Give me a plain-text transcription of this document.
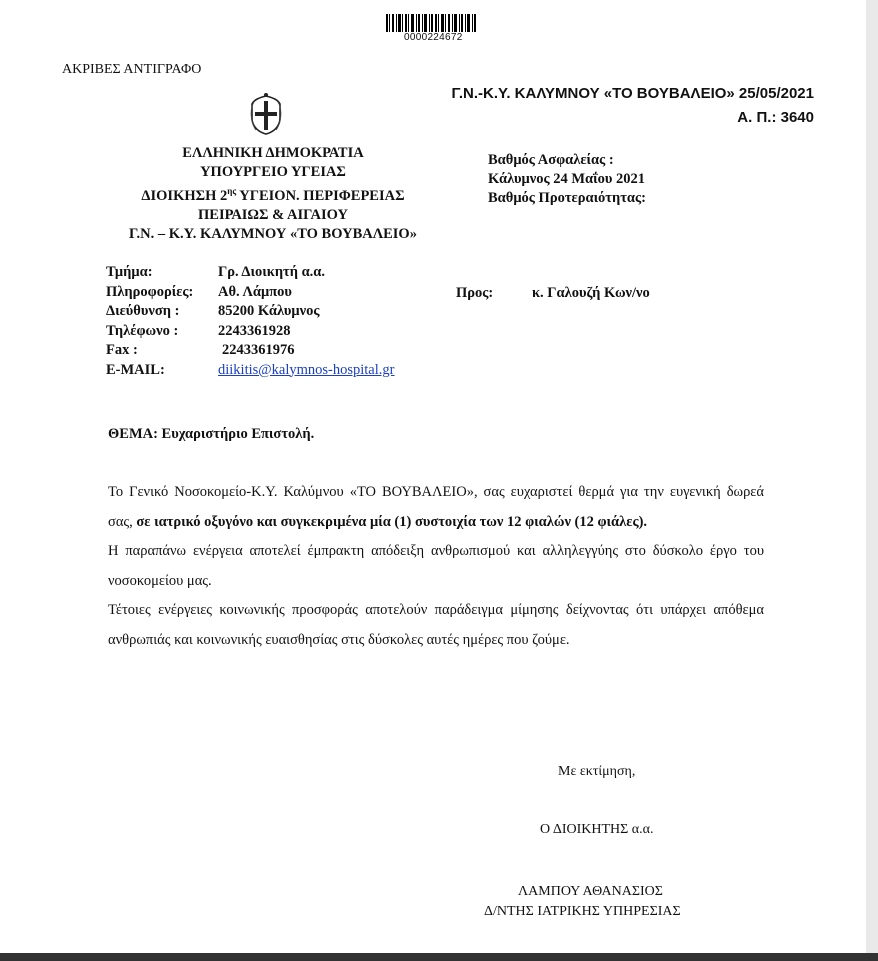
0000224672
ΑΚΡΙΒΕΣ ΑΝΤΙΓΡΑΦΟ
Γ.Ν.-Κ.Υ. ΚΑΛΥΜΝΟΥ «ΤΟ ΒΟΥΒΑΛΕΙΟ» 25/05/2021
Α. Π.: 3640
ΕΛΛΗΝΙΚΗ ΔΗΜΟΚΡΑΤΙΑ
ΥΠΟΥΡΓΕΙΟ ΥΓΕΙΑΣ
ΔΙΟΙΚΗΣΗ $2^{\eta\varsigma}$ ΥΓΕΙΟΝ. ΠΕΡΙΦΕΡΕΙΑΣ
ΠΕΙΡΑΙΩΣ & ΑΙΓΑΙΟΥ
Γ.Ν. – Κ.Υ. ΚΑΛΥΜΝΟΥ «ΤΟ ΒΟΥΒΑΛΕΙΟ»
Βαθμός Ασφαλείας :
Κάλυμνος 24 Μαΐου 2021
Βαθμός Προτεραιότητας:
Τμήμα:	Γρ. Διοικητή α.α.
Πληροφορίες:	Αθ. Λάμπου
Διεύθυνση :	85200 Κάλυμνος
Τηλέφωνο :	2243361928
Fax :	2243361976
E-MAIL:	diikitis@kalymnos-hospital.gr
Προς:	κ. Γαλουζή Κων/νο
ΘΕΜΑ: Ευχαριστήριο Επιστολή.

Το Γενικό Νοσοκομείο-Κ.Υ. Καλύμνου «ΤΟ ΒΟΥΒΑΛΕΙΟ», σας ευχαριστεί θερμά για την ευγενική δωρεά σας, σε ιατρικό οξυγόνο και συγκεκριμένα μία (1) συστοιχία των 12 φιαλών (12 φιάλες).

Η παραπάνω ενέργεια αποτελεί έμπρακτη απόδειξη ανθρωπισμού και αλληλεγγύης στο δύσκολο έργο του νοσοκομείου μας.

Τέτοιες ενέργειες κοινωνικής προσφοράς αποτελούν παράδειγμα μίμησης δείχνοντας ότι υπάρχει απόθεμα ανθρωπιάς και κοινωνικής ευαισθησίας στις δύσκολες αυτές ημέρες που ζούμε.

Με εκτίμηση,
Ο ΔΙΟΙΚΗΤΗΣ α.α.
ΛΑΜΠΟΥ ΑΘΑΝΑΣΙΟΣ
Δ/ΝΤΗΣ ΙΑΤΡΙΚΗΣ ΥΠΗΡΕΣΙΑΣ
